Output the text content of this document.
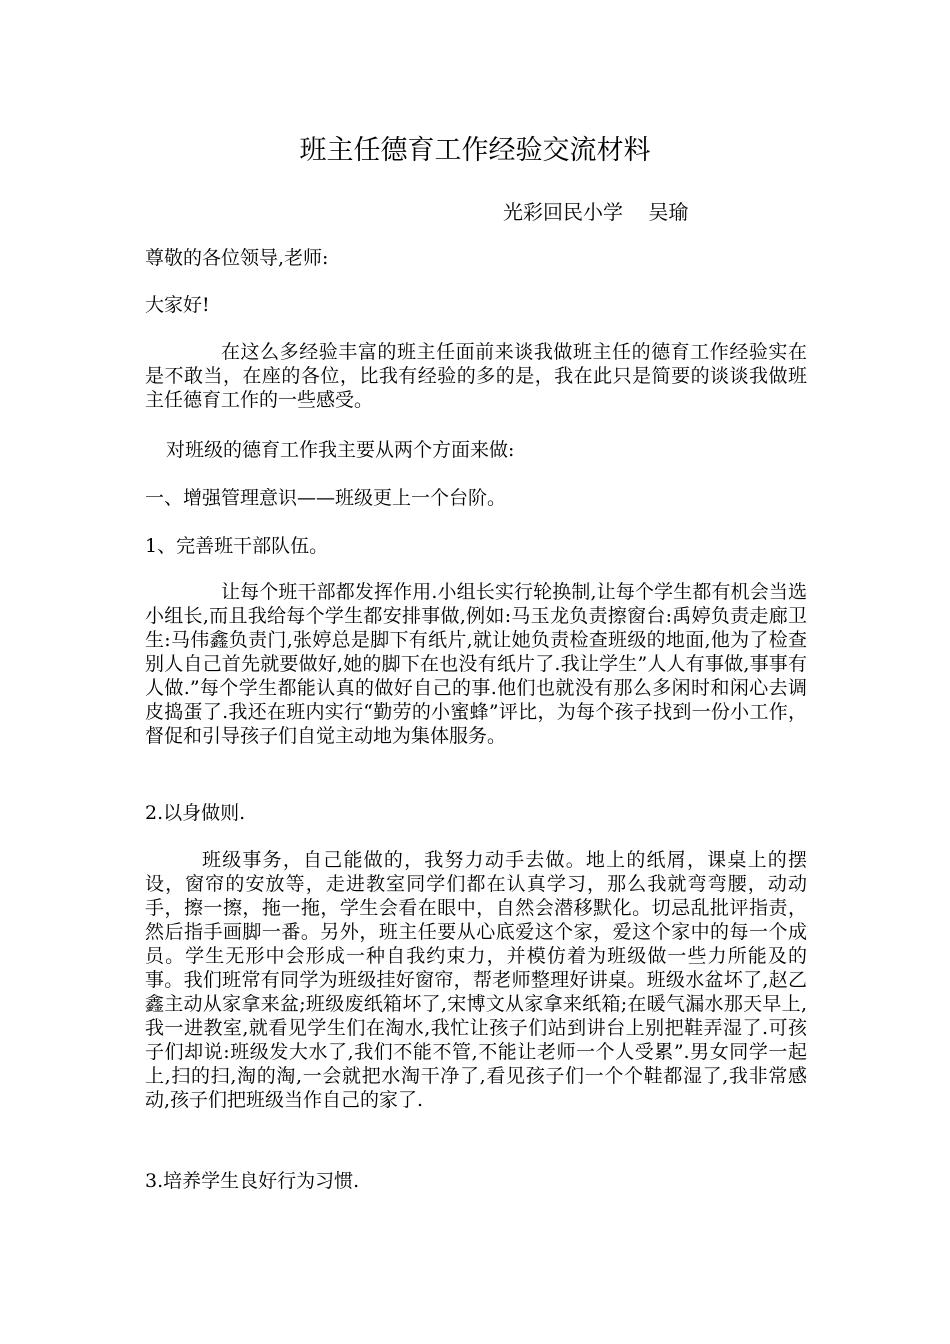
班主任德育工作经验交流材料
光彩回民小学    吴瑜
尊敬的各位领导,老师:
大家好!
在这么多经验丰富的班主任面前来谈我做班主任的德育工作经验实在是不敢当，在座的各位，比我有经验的多的是，我在此只是简要的谈谈我做班主任德育工作的一些感受。
对班级的德育工作我主要从两个方面来做:
一、增强管理意识——班级更上一个台阶。
1、完善班干部队伍。
让每个班干部都发挥作用.小组长实行轮换制,让每个学生都有机会当选小组长,而且我给每个学生都安排事做,例如:马玉龙负责擦窗台:禹婷负责走廊卫生:马伟鑫负责门,张婷总是脚下有纸片,就让她负责检查班级的地面,他为了检查别人自己首先就要做好,她的脚下在也没有纸片了.我让学生”人人有事做,事事有人做.”每个学生都能认真的做好自己的事.他们也就没有那么多闲时和闲心去调皮捣蛋了.我还在班内实行“勤劳的小蜜蜂”评比，为每个孩子找到一份小工作，督促和引导孩子们自觉主动地为集体服务。
2.以身做则.
班级事务，自己能做的，我努力动手去做。地上的纸屑，课桌上的摆设，窗帘的安放等，走进教室同学们都在认真学习，那么我就弯弯腰，动动手，擦一擦，拖一拖，学生会看在眼中，自然会潜移默化。切忌乱批评指责，然后指手画脚一番。另外，班主任要从心底爱这个家，爱这个家中的每一个成员。学生无形中会形成一种自我约束力，并模仿着为班级做一些力所能及的事。我们班常有同学为班级挂好窗帘，帮老师整理好讲桌。班级水盆坏了,赵乙鑫主动从家拿来盆;班级废纸箱坏了,宋博文从家拿来纸箱;在暖气漏水那天早上,我一进教室,就看见学生们在淘水,我忙让孩子们站到讲台上别把鞋弄湿了.可孩子们却说:班级发大水了,我们不能不管,不能让老师一个人受累”.男女同学一起上,扫的扫,淘的淘,一会就把水淘干净了,看见孩子们一个个鞋都湿了,我非常感动,孩子们把班级当作自己的家了.
3.培养学生良好行为习惯.
